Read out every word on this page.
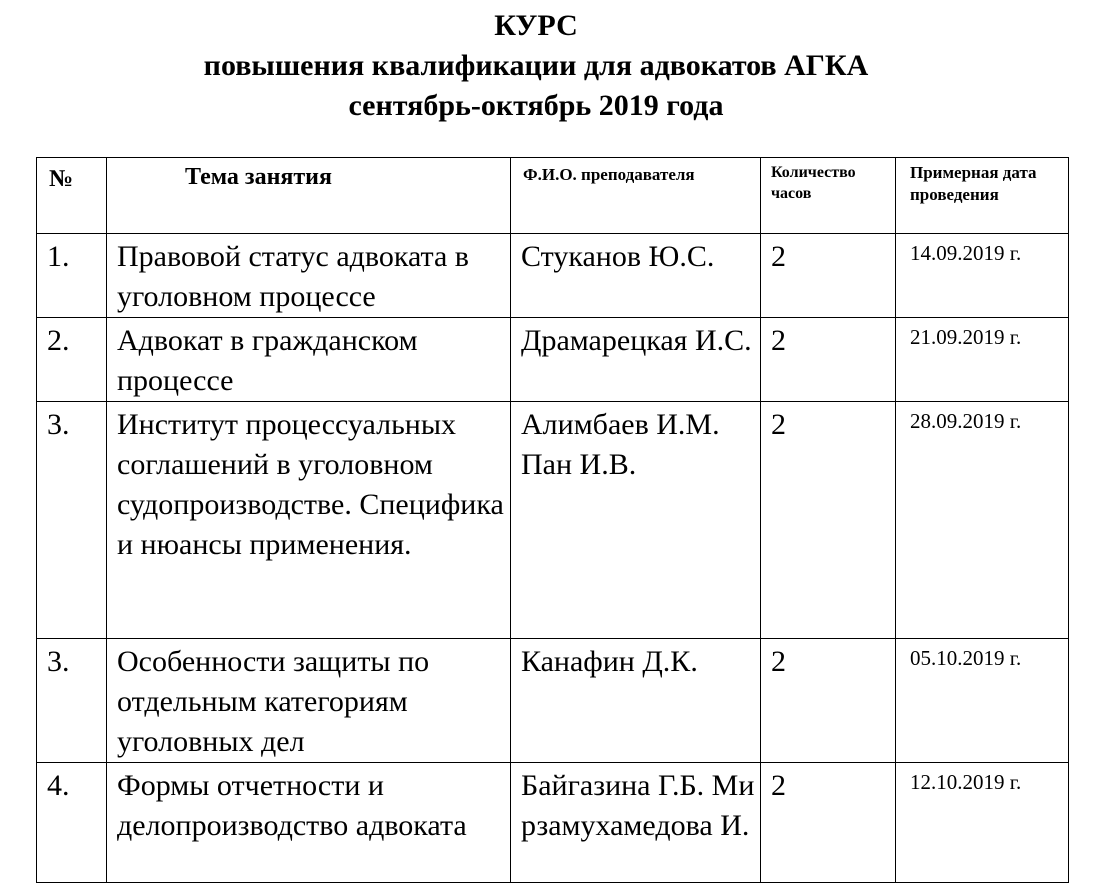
КУРС
повышения квалификации для адвокатов АГКА
сентябрь-октябрь 2019 года
№	Тема занятия	Ф.И.О. преподавателя	Количество часов	Примерная дата проведения
1.	Правовой статус адвоката в уголовном процессе	Стуканов Ю.С.	2	14.09.2019 г.
2.	Адвокат в гражданском процессе	Драмарецкая И.С.	2	21.09.2019 г.
3.	Институт процессуальных соглашений в уголовном судопроизводстве. Специфика и нюансы применения.	Алимбаев И.М. Пан И.В.	2	28.09.2019 г.
3.	Особенности защиты по отдельным категориям уголовных дел	Канафин Д.К.	2	05.10.2019 г.
4.	Формы отчетности и делопроизводство адвоката	Байгазина Г.Б. Мирзамухамедова И.	2	12.10.2019 г.
